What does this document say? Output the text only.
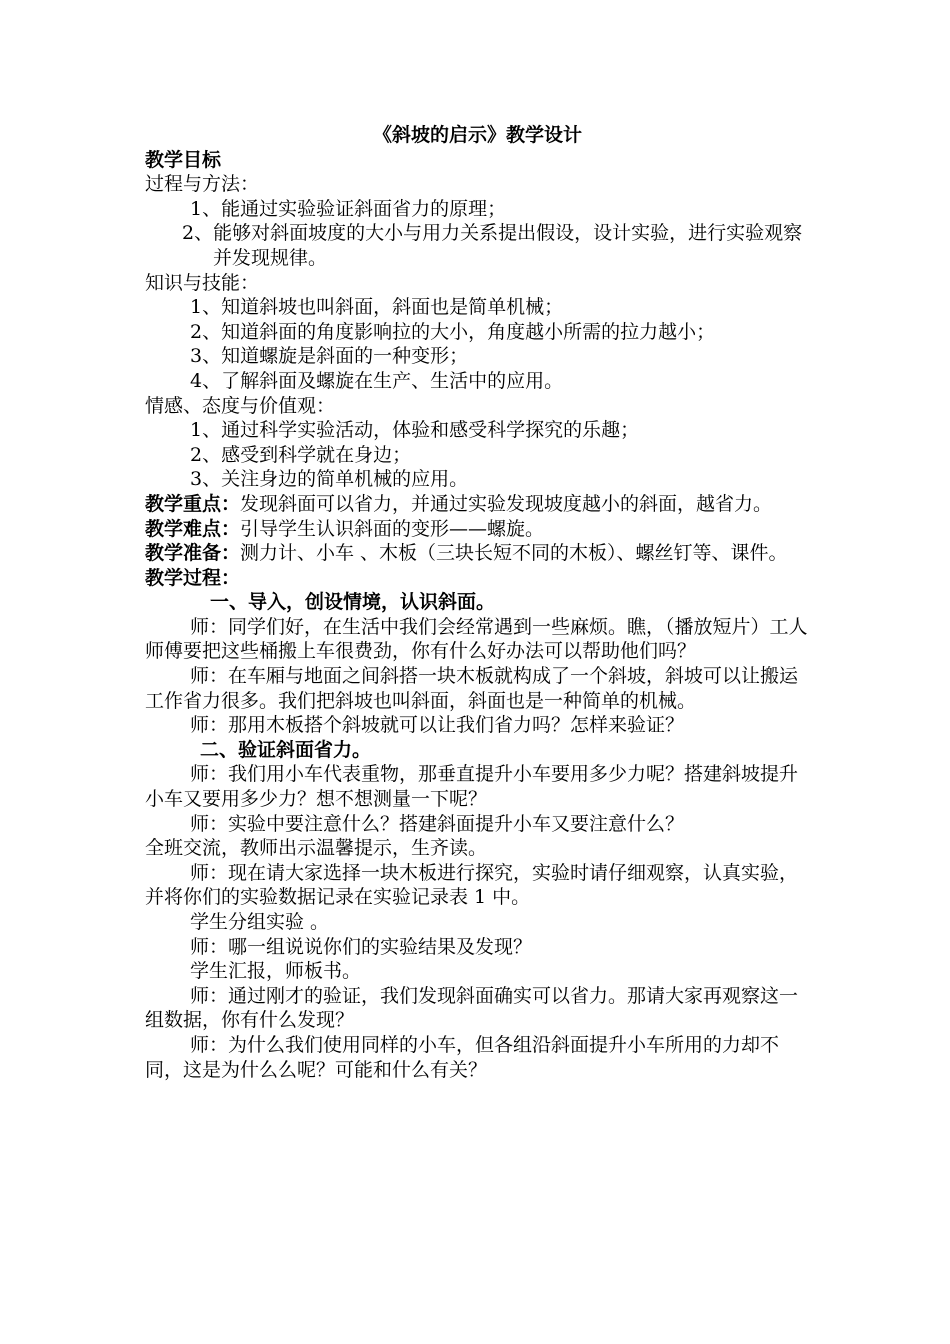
《斜坡的启示》教学设计

教学目标

过程与方法：

1、能通过实验验证斜面省力的原理；

2、能够对斜面坡度的大小与用力关系提出假设，设计实验，进行实验观察并发现规律。

知识与技能：

1、知道斜坡也叫斜面，斜面也是简单机械；

2、知道斜面的角度影响拉的大小，角度越小所需的拉力越小；

3、知道螺旋是斜面的一种变形；

4、了解斜面及螺旋在生产、生活中的应用。

情感、态度与价值观：

1、通过科学实验活动，体验和感受科学探究的乐趣；

2、感受到科学就在身边；

3、关注身边的简单机械的应用。

教学重点：发现斜面可以省力，并通过实验发现坡度越小的斜面，越省力。

教学难点：引导学生认识斜面的变形——螺旋。

教学准备：测力计、小车 、木板（三块长短不同的木板）、螺丝钉等、课件。

教学过程：

一、导入，创设情境，认识斜面。

师：同学们好，在生活中我们会经常遇到一些麻烦。瞧，（播放短片）工人师傅要把这些桶搬上车很费劲，你有什么好办法可以帮助他们吗？

师：在车厢与地面之间斜搭一块木板就构成了一个斜坡，斜坡可以让搬运工作省力很多。我们把斜坡也叫斜面，斜面也是一种简单的机械。

师：那用木板搭个斜坡就可以让我们省力吗？怎样来验证？

二、验证斜面省力。

师：我们用小车代表重物，那垂直提升小车要用多少力呢？搭建斜坡提升小车又要用多少力？想不想测量一下呢？

师：实验中要注意什么？搭建斜面提升小车又要注意什么？

全班交流，教师出示温馨提示，生齐读。

师：现在请大家选择一块木板进行探究，实验时请仔细观察，认真实验，并将你们的实验数据记录在实验记录表 1 中。

学生分组实验 。

师：哪一组说说你们的实验结果及发现？

学生汇报，师板书。

师：通过刚才的验证，我们发现斜面确实可以省力。那请大家再观察这一组数据，你有什么发现？

师：为什么我们使用同样的小车，但各组沿斜面提升小车所用的力却不同，这是为什么么呢？可能和什么有关？
